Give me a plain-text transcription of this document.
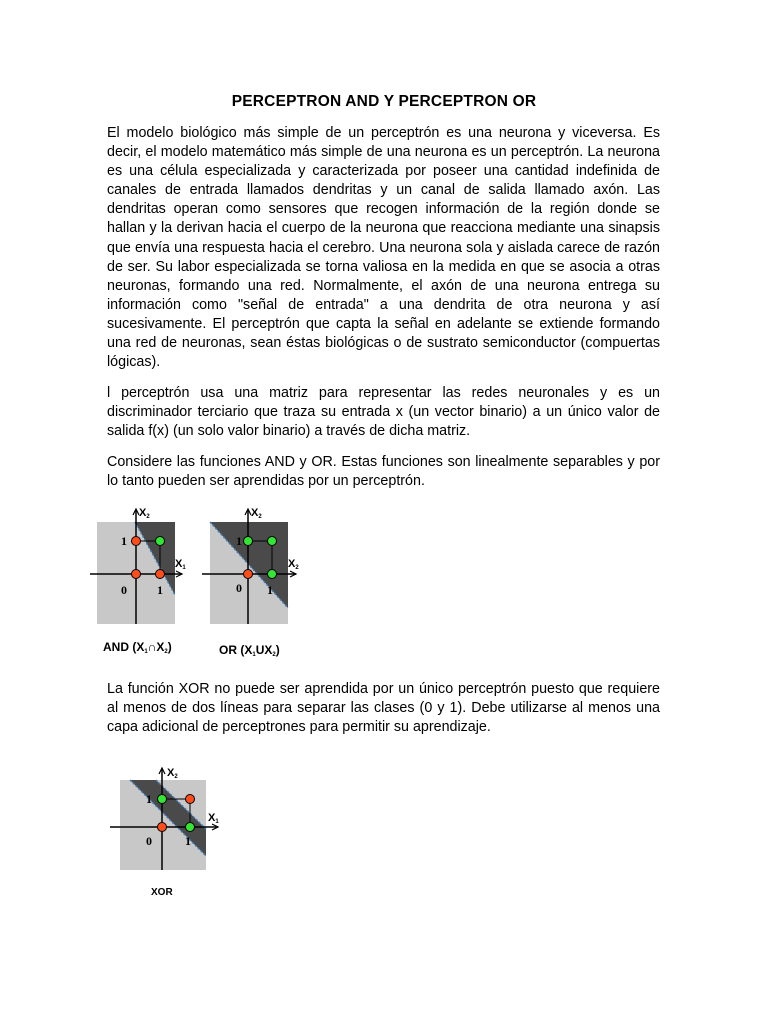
PERCEPTRON AND Y PERCEPTRON OR

El modelo biológico más simple de un perceptrón es una neurona y viceversa. Es decir, el modelo matemático más simple de una neurona es un perceptrón. La neurona es una célula especializada y caracterizada por poseer una cantidad indefinida de canales de entrada llamados dendritas y un canal de salida llamado axón. Las dendritas operan como sensores que recogen información de la región donde se hallan y la derivan hacia el cuerpo de la neurona que reacciona mediante una sinapsis que envía una respuesta hacia el cerebro. Una neurona sola y aislada carece de razón de ser. Su labor especializada se torna valiosa en la medida en que se asocia a otras neuronas, formando una red. Normalmente, el axón de una neurona entrega su información como "señal de entrada" a una dendrita de otra neurona y así sucesivamente. El perceptrón que capta la señal en adelante se extiende formando una red de neuronas, sean éstas biológicas o de sustrato semiconductor (compuertas lógicas).

l perceptrón usa una matriz para representar las redes neuronales y es un discriminador terciario que traza su entrada x (un vector binario) a un único valor de salida f(x) (un solo valor binario) a través de dicha matriz.

Considere las funciones AND y OR. Estas funciones son linealmente separables y por lo tanto pueden ser aprendidas por un perceptrón.

La función XOR no puede ser aprendida por un único perceptrón puesto que requiere al menos de dos líneas para separar las clases (0 y 1). Debe utilizarse al menos una capa adicional de perceptrones para permitir su aprendizaje.

X2
X1
1
0	1
AND (X1∩X2)
X2
X2
1
0 1
OR (X1UX2)
X2
X1
1
0	1
XOR
